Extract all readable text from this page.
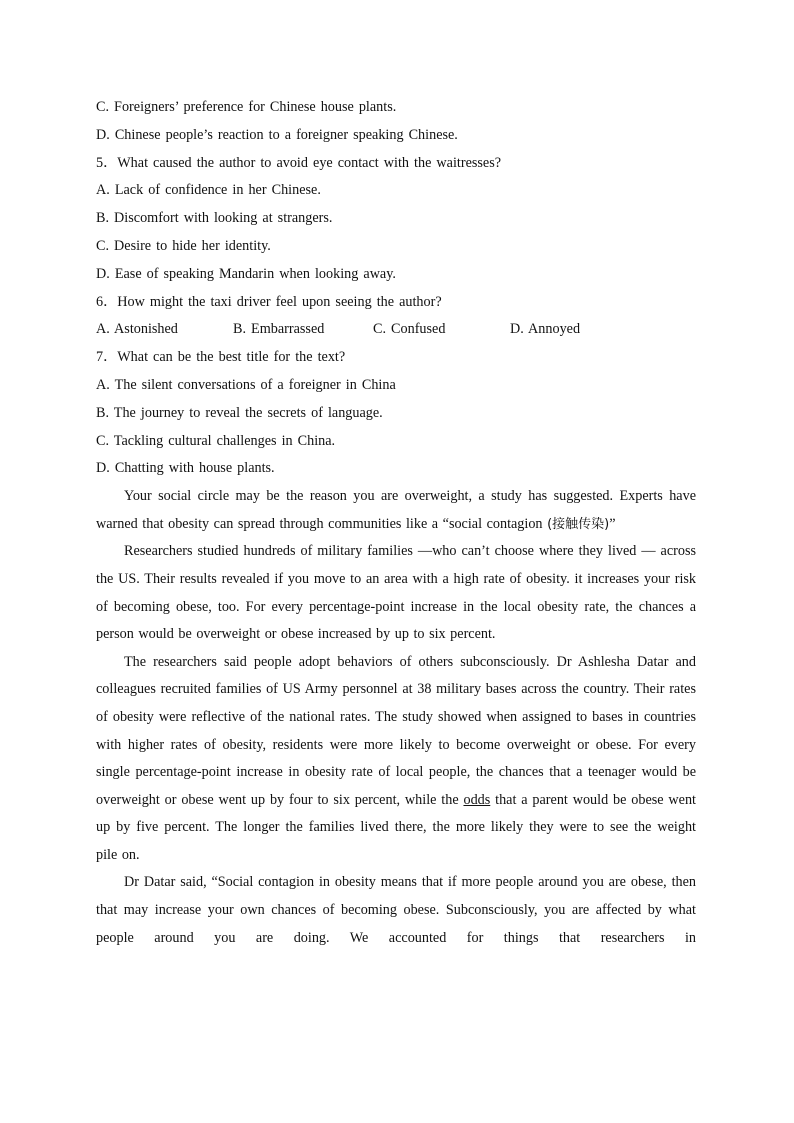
C. Foreigners’ preference for Chinese house plants.
D. Chinese people’s reaction to a foreigner speaking Chinese.
5．What caused the author to avoid eye contact with the waitresses?
A. Lack of confidence in her Chinese.
B. Discomfort with looking at strangers.
C. Desire to hide her identity.
D. Ease of speaking Mandarin when looking away.
6．How might the taxi driver feel upon seeing the author?
A. Astonished	B. Embarrassed	C. Confused	D. Annoyed
7．What can be the best title for the text?
A. The silent conversations of a foreigner in China
B. The journey to reveal the secrets of language.
C. Tackling cultural challenges in China.
D. Chatting with house plants.

Your social circle may be the reason you are overweight, a study has suggested. Experts have warned that obesity can spread through communities like a “social contagion (接触传染)”

Researchers studied hundreds of military families —who can’t choose where they lived — across the US. Their results revealed if you move to an area with a high rate of obesity. it increases your risk of becoming obese, too. For every percentage-point increase in the local obesity rate, the chances a person would be overweight or obese increased by up to six percent.

The researchers said people adopt behaviors of others subconsciously. Dr Ashlesha Datar and colleagues recruited families of US Army personnel at 38 military bases across the country. Their rates of obesity were reflective of the national rates. The study showed when assigned to bases in countries with higher rates of obesity, residents were more likely to become overweight or obese. For every single percentage-point increase in obesity rate of local people, the chances that a teenager would be overweight or obese went up by four to six percent, while the odds that a parent would be obese went up by five percent. The longer the families lived there, the more likely they were to see the weight pile on.

Dr Datar said, “Social contagion in obesity means that if more people around you are obese, then that may increase your own chances of becoming obese. Subconsciously, you are affected by what people around you are doing. We accounted for things that researchers in
